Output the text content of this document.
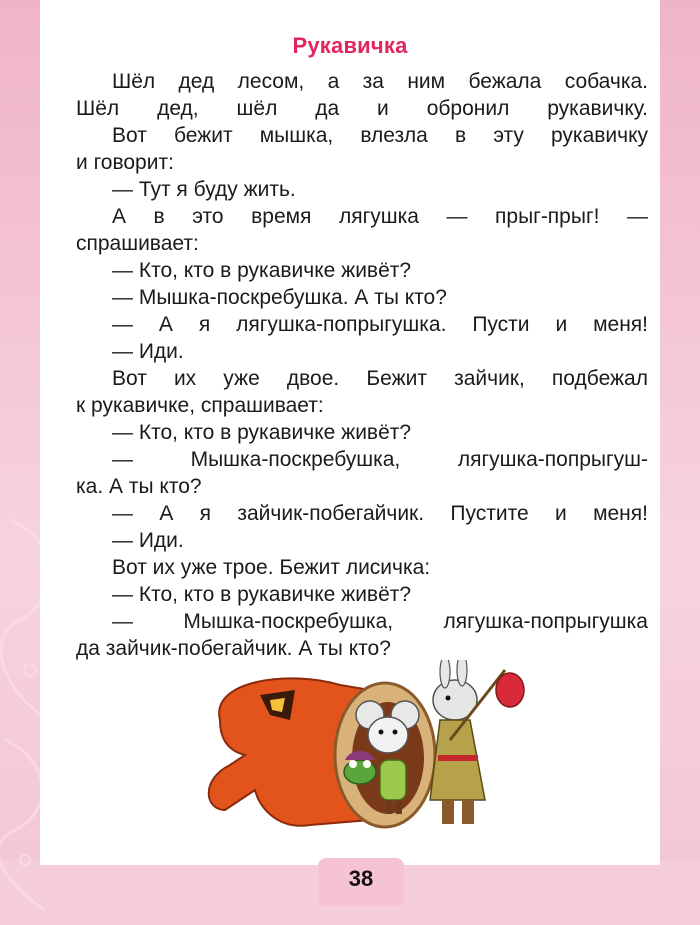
Рукавичка
Шёл дед лесом, а за ним бежала собачка.
Шёл дед, шёл да и обронил рукавичку.
Вот бежит мышка, влезла в эту рукавичку
и говорит:
— Тут я буду жить.
А в это время лягушка — прыг-прыг! —
спрашивает:
— Кто, кто в рукавичке живёт?
— Мышка-поскребушка. А ты кто?
— А я лягушка-попрыгушка. Пусти и меня!
— Иди.
Вот их уже двое. Бежит зайчик, подбежал
к рукавичке, спрашивает:
— Кто, кто в рукавичке живёт?
— Мышка-поскребушка, лягушка-попрыгуш-
ка. А ты кто?
— А я зайчик-побегайчик. Пустите и меня!
— Иди.
Вот их уже трое. Бежит лисичка:
— Кто, кто в рукавичке живёт?
— Мышка-поскребушка, лягушка-попрыгушка
да зайчик-побегайчик. А ты кто?
38
